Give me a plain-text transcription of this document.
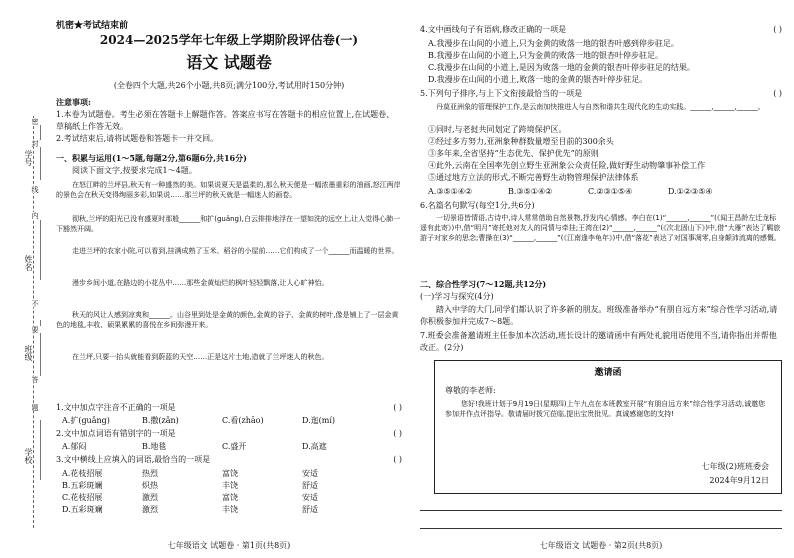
学号
姓名
班级
学校
密
封
线
内
不
要
答
题
机密★考试结束前
2024—2025学年七年级上学期阶段评估卷(一)
语文 试题卷
(全卷四个大题,共26个小题,共8页;满分100分,考试用时150分钟)
注意事项:
1.本卷为试题卷。考生必须在答题卡上解题作答。答案应书写在答题卡的相应位置上,在试题卷、草稿纸上作答无效。
2.考试结束后,请将试题卷和答题卡一并交回。
一、积累与运用(1～5题,每题2分,第6题6分,共16分)
阅读下面文字,按要求完成1～4题。
在怒江畔的兰坪县,秋天有一种盛然的美。如果说夏天是温柔的,那么秋天便是一幅浓墨重彩的油画,怒江两岸的景色会在秋天变得绚丽多彩,如果说……那兰坪的秋天就是一幅迷人的画卷。
彻秋,兰坪的阳光已没有盛夏时那般______和扩(guǎng),白云排排地浮在一望如洗的远空上,让人觉得心肺一下豁然开阔。
走进兰坪的农家小院,可以看到,挂满成熟了玉米、稻谷的小屋前……它们构成了一个______而温暖的世界。
漫步乡间小道,在路边的小花丛中……那些金黄灿烂的枫叶轻轻飘落,让人心旷神怡。
秋天的风让人感到凉爽和______。山谷里到处是金黄的颜色,金黄的谷子、金黄的树叶,像是铺上了一层金黄色的地毯,丰收、硕果累累的喜悦在乡间弥漫开来。
在兰坪,只要一抬头就能看到蔚蓝的天空……正是这片土地,造就了兰坪迷人的秋色。
1.文中加点字注音不正确的一项是	( )
A.扩(guǎng)	B.撒(zǎn)	C.看(zhāo)	D.迤(mí)
2.文中加点词语有错别字的一项是	( )
A.郁闷	B.地毯	C.盛开	D.高遮
3.文中横线上应填入的词语,最恰当的一项是	( )
A.花枝招展	热烈	富饶	安适
B.五彩斑斓	炽热	丰饶	舒适
C.花枝招展	激烈	富饶	安适
D.五彩斑斓	激烈	丰饶	舒适
七年级语文 试题卷 · 第1页(共8页)
4.文中画线句子有语病,修改正确的一项是	( )
A.我漫步在山间的小道上,只为金黄的败落一地的银杏叶感到停步驻足。
B.我漫步在山间的小道上,只为金黄的败落一地的银杏叶停步驻足。
C.我漫步在山间的小道上,是因为败落一地的金黄的银杏叶停步驻足的结果。
D.我漫步在山间的小道上,败落一地的金黄的银杏叶停步驻足。
5.下列句子排序,与上下文衔接最恰当的一项是	( )
丹莫亚洲象的管理保护工作,是云南加快推进人与自然和谐共生现代化的生动实践。______,______,______。
①同时,与老挝共同划定了跨境保护区。
②经过多方努力,亚洲象种群数量增至目前的300余头
③多年来,全省坚持“生态优先、保护优先”的原则
④此外,云南在全国率先创立野生亚洲象公众责任险,做好野生动物肇事补偿工作
⑤通过地方立法的形式,不断完善野生动物管理保护法律体系
A.③⑤①④②	B.③⑤①④②	C.②③①⑤④	D.①②③⑤④
6.名篇名句默写(每空1分,共6分)
一切景语皆情语,古诗中,诗人常常借助自然景物,抒发内心情感。李白在(1)“______,______”(《闻王昌龄左迁龙标遥有此寄》)中,借“明月”寄托他对友人的同情与牵挂;王湾在(2)“______,______”(《次北固山下》)中,借“大雁”表达了羁旅游子对家乡的思念;曹操在(3)“______,______”(《江南逢李龟年》)中,借“落花”表达了对国事凋零,自身颠沛流离的感慨。
二、综合性学习(7～12题,共12分)
(一)学习与探究(4分)
踏入中学的大门,同学们都认识了许多新的朋友。班级准备举办“有朋自远方来”综合性学习活动,请你积极参加并完成7～8题。
7.班委会准备邀请班主任参加本次活动,班长设计的邀请函中有两处礼貌用语使用不当,请你指出并帮他改正。(2分)
邀请函
尊敬的李老师:
您好!我班计划于9月19日(星期四)上午九点在本班教室开展“有朋自远方来”综合性学习活动,诚邀您参加并作点评指导。敬请届时拨冗莅临,提出宝贵批见。真诚感谢您的支持!
七年级(2)班班委会
2024年9月12日
七年级语文 试题卷 · 第2页(共8页)
